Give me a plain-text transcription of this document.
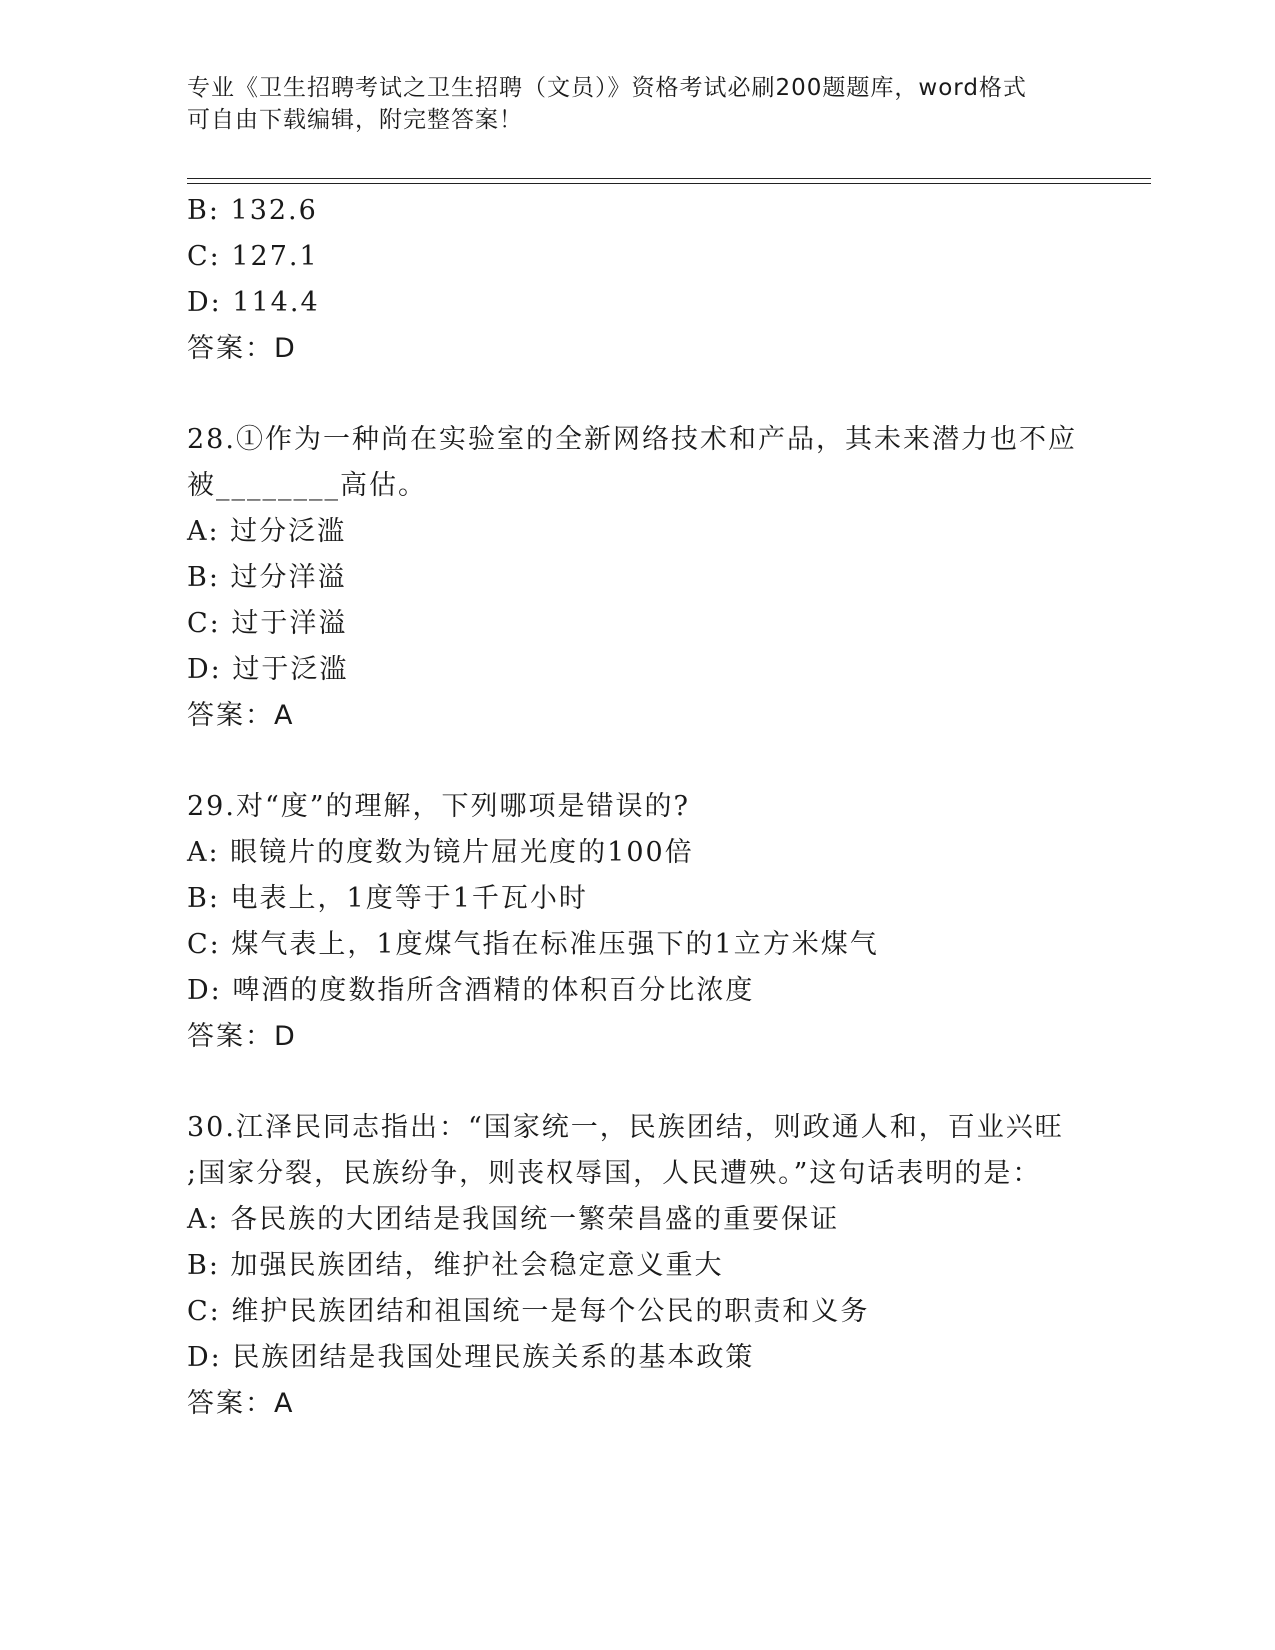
专业《卫生招聘考试之卫生招聘（文员）》资格考试必刷200题题库，word格式
可自由下载编辑，附完整答案！
B: 132.6
C: 127.1
D: 114.4
答案：D
28.①作为一种尚在实验室的全新网络技术和产品，其未来潜力也不应
被________高估。
A: 过分泛滥
B: 过分洋溢
C: 过于洋溢
D: 过于泛滥
答案：A
29.对“度”的理解，下列哪项是错误的?
A: 眼镜片的度数为镜片屈光度的100倍
B: 电表上，1度等于1千瓦小时
C: 煤气表上，1度煤气指在标准压强下的1立方米煤气
D: 啤酒的度数指所含酒精的体积百分比浓度
答案：D
30.江泽民同志指出：“国家统一，民族团结，则政通人和，百业兴旺
;国家分裂，民族纷争，则丧权辱国，人民遭殃。”这句话表明的是：
A: 各民族的大团结是我国统一繁荣昌盛的重要保证
B: 加强民族团结，维护社会稳定意义重大
C: 维护民族团结和祖国统一是每个公民的职责和义务
D: 民族团结是我国处理民族关系的基本政策
答案：A
